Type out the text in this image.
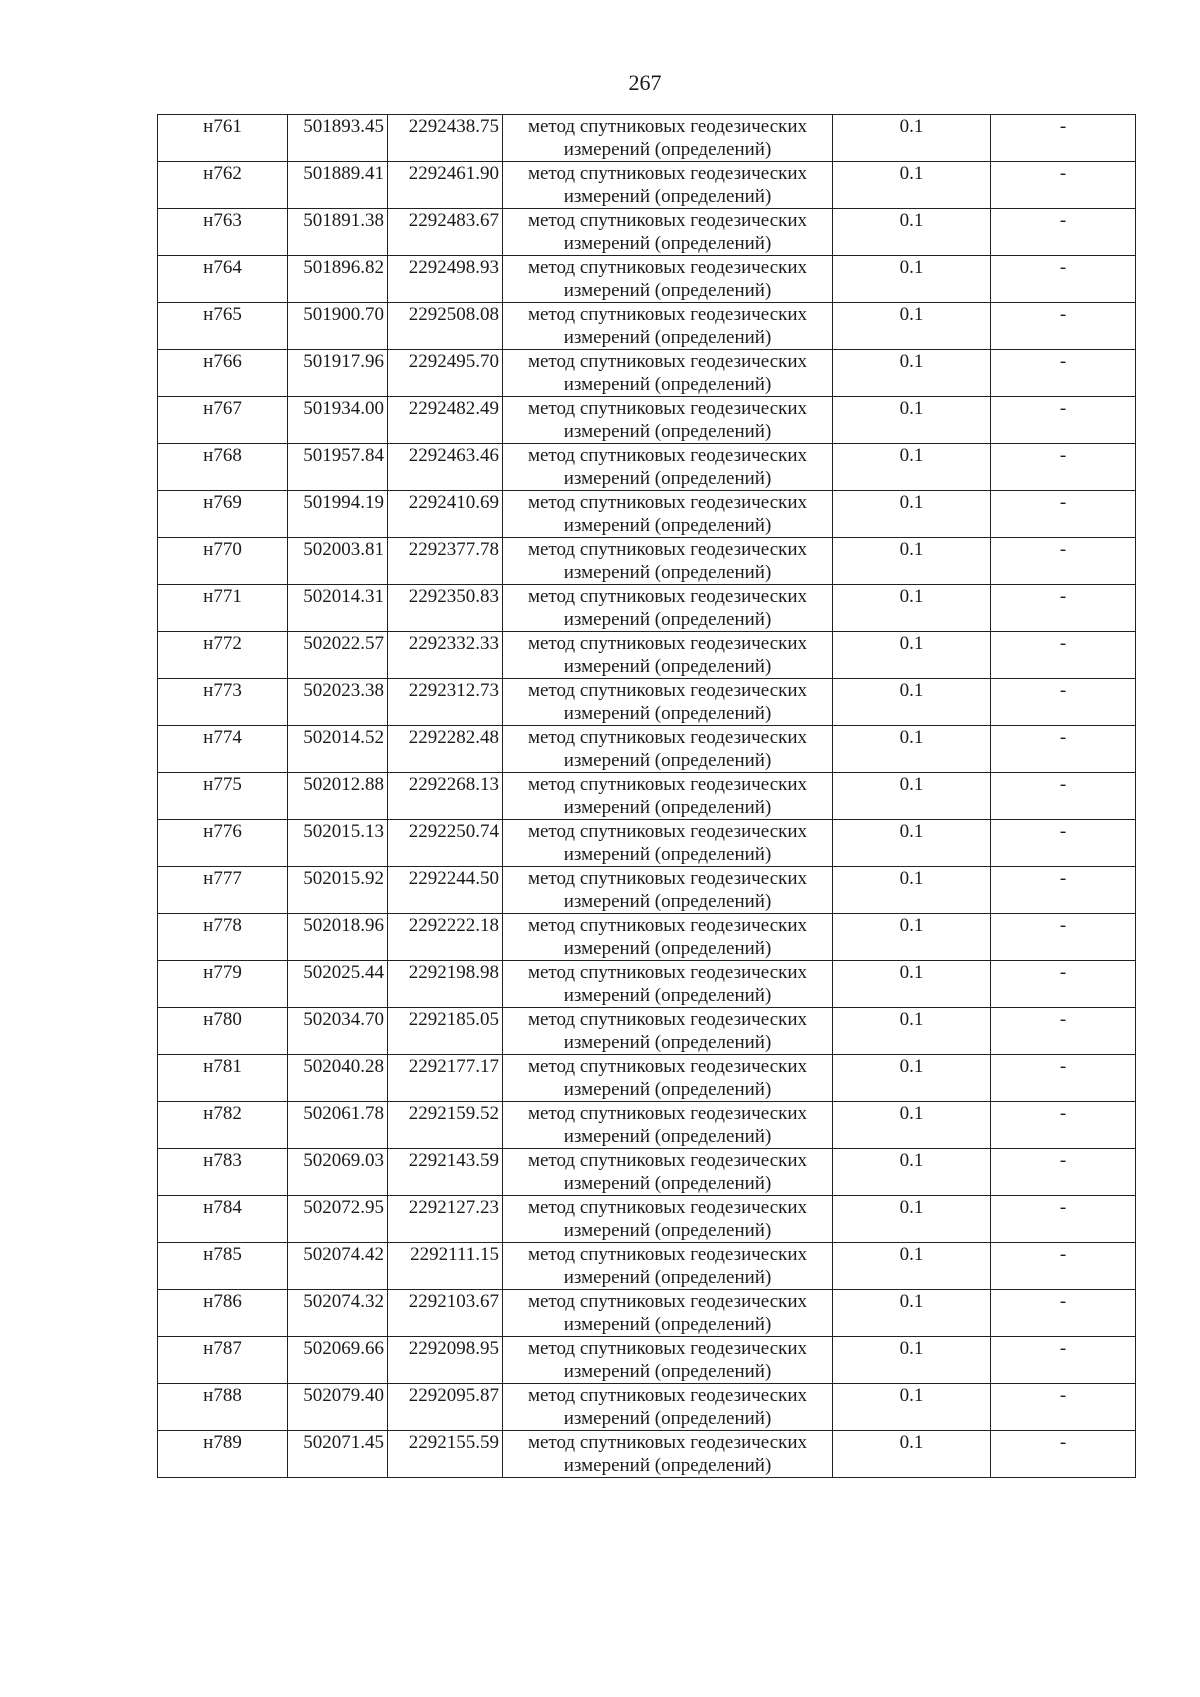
267
н761	501893.45	2292438.75	метод спутниковых геодезических
измерений (определений)	0.1	-
н762	501889.41	2292461.90	метод спутниковых геодезических
измерений (определений)	0.1	-
н763	501891.38	2292483.67	метод спутниковых геодезических
измерений (определений)	0.1	-
н764	501896.82	2292498.93	метод спутниковых геодезических
измерений (определений)	0.1	-
н765	501900.70	2292508.08	метод спутниковых геодезических
измерений (определений)	0.1	-
н766	501917.96	2292495.70	метод спутниковых геодезических
измерений (определений)	0.1	-
н767	501934.00	2292482.49	метод спутниковых геодезических
измерений (определений)	0.1	-
н768	501957.84	2292463.46	метод спутниковых геодезических
измерений (определений)	0.1	-
н769	501994.19	2292410.69	метод спутниковых геодезических
измерений (определений)	0.1	-
н770	502003.81	2292377.78	метод спутниковых геодезических
измерений (определений)	0.1	-
н771	502014.31	2292350.83	метод спутниковых геодезических
измерений (определений)	0.1	-
н772	502022.57	2292332.33	метод спутниковых геодезических
измерений (определений)	0.1	-
н773	502023.38	2292312.73	метод спутниковых геодезических
измерений (определений)	0.1	-
н774	502014.52	2292282.48	метод спутниковых геодезических
измерений (определений)	0.1	-
н775	502012.88	2292268.13	метод спутниковых геодезических
измерений (определений)	0.1	-
н776	502015.13	2292250.74	метод спутниковых геодезических
измерений (определений)	0.1	-
н777	502015.92	2292244.50	метод спутниковых геодезических
измерений (определений)	0.1	-
н778	502018.96	2292222.18	метод спутниковых геодезических
измерений (определений)	0.1	-
н779	502025.44	2292198.98	метод спутниковых геодезических
измерений (определений)	0.1	-
н780	502034.70	2292185.05	метод спутниковых геодезических
измерений (определений)	0.1	-
н781	502040.28	2292177.17	метод спутниковых геодезических
измерений (определений)	0.1	-
н782	502061.78	2292159.52	метод спутниковых геодезических
измерений (определений)	0.1	-
н783	502069.03	2292143.59	метод спутниковых геодезических
измерений (определений)	0.1	-
н784	502072.95	2292127.23	метод спутниковых геодезических
измерений (определений)	0.1	-
н785	502074.42	2292111.15	метод спутниковых геодезических
измерений (определений)	0.1	-
н786	502074.32	2292103.67	метод спутниковых геодезических
измерений (определений)	0.1	-
н787	502069.66	2292098.95	метод спутниковых геодезических
измерений (определений)	0.1	-
н788	502079.40	2292095.87	метод спутниковых геодезических
измерений (определений)	0.1	-
н789	502071.45	2292155.59	метод спутниковых геодезических
измерений (определений)	0.1	-
